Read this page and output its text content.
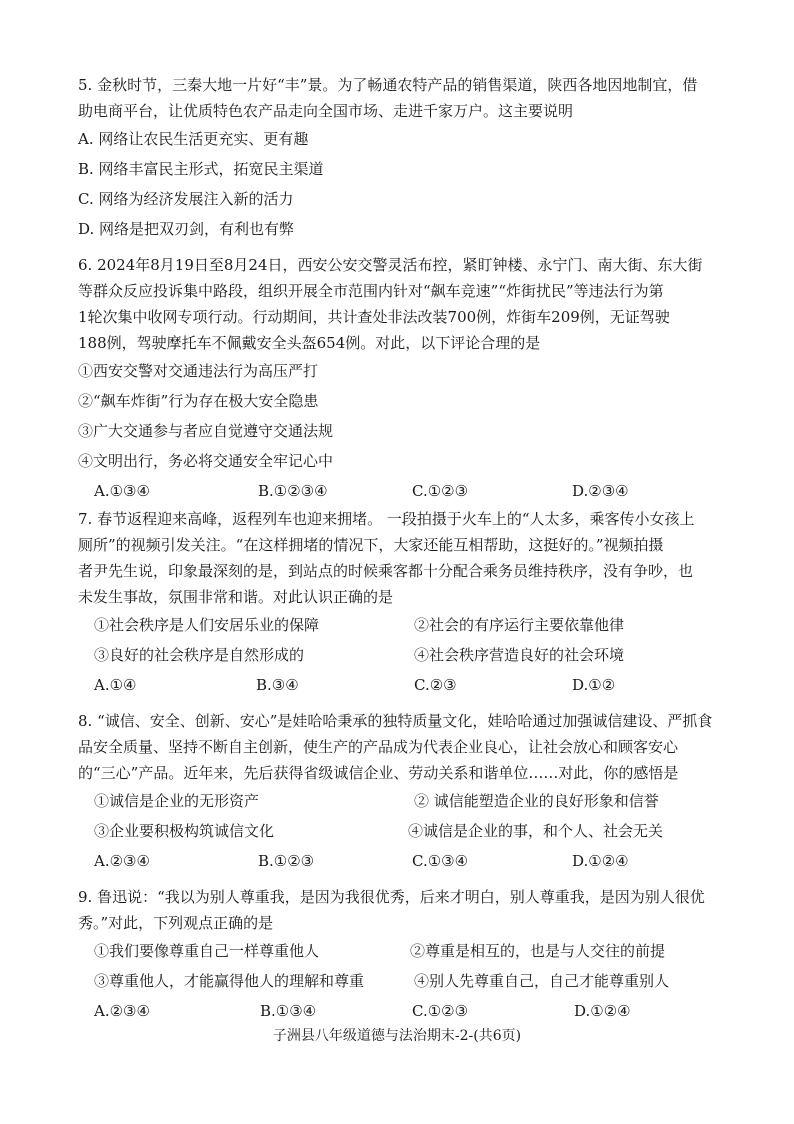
5. 金秋时节，三秦大地一片好“丰”景。为了畅通农特产品的销售渠道，陕西各地因地制宜，借
助电商平台，让优质特色农产品走向全国市场、走进千家万户。这主要说明
A. 网络让农民生活更充实、更有趣
B. 网络丰富民主形式，拓宽民主渠道
C. 网络为经济发展注入新的活力
D. 网络是把双刃剑，有利也有弊
6. 2024年8月19日至8月24日，西安公安交警灵活布控，紧盯钟楼、永宁门、南大街、东大街
等群众反应投诉集中路段，组织开展全市范围内针对“飙车竞速”“炸街扰民”等违法行为第
1轮次集中收网专项行动。行动期间，共计查处非法改装700例，炸街车209例，无证驾驶
188例，驾驶摩托车不佩戴安全头盔654例。对此，以下评论合理的是
①西安交警对交通违法行为高压严打
②“飙车炸街”行为存在极大安全隐患
③广大交通参与者应自觉遵守交通法规
④文明出行，务必将交通安全牢记心中
A.①③④	B.①②③④	C.①②③	D.②③④
7. 春节返程迎来高峰，返程列车也迎来拥堵。 一段拍摄于火车上的“人太多，乘客传小女孩上
厕所”的视频引发关注。“在这样拥堵的情况下，大家还能互相帮助，这挺好的。”视频拍摄
者尹先生说，印象最深刻的是，到站点的时候乘客都十分配合乘务员维持秩序，没有争吵，也
未发生事故，氛围非常和谐。对此认识正确的是
①社会秩序是人们安居乐业的保障	②社会的有序运行主要依靠他律
③良好的社会秩序是自然形成的	④社会秩序营造良好的社会环境
A.①④	B.③④	C.②③	D.①②
8. “诚信、安全、创新、安心”是娃哈哈秉承的独特质量文化，娃哈哈通过加强诚信建设、严抓食
品安全质量、坚持不断自主创新，使生产的产品成为代表企业良心，让社会放心和顾客安心
的“三心”产品。近年来，先后获得省级诚信企业、劳动关系和谐单位……对此，你的感悟是
①诚信是企业的无形资产	② 诚信能塑造企业的良好形象和信誉
③企业要积极构筑诚信文化	④诚信是企业的事，和个人、社会无关
A.②③④	B.①②③	C.①③④	D.①②④
9. 鲁迅说：“我以为别人尊重我，是因为我很优秀，后来才明白，别人尊重我，是因为别人很优
秀。”对此，下列观点正确的是
①我们要像尊重自己一样尊重他人	②尊重是相互的，也是与人交往的前提
③尊重他人，才能赢得他人的理解和尊重	④别人先尊重自己，自己才能尊重别人
A.②③④	B.①③④	C.①②③	D.①②④
子洲县八年级道德与法治期末-2-(共6页)
